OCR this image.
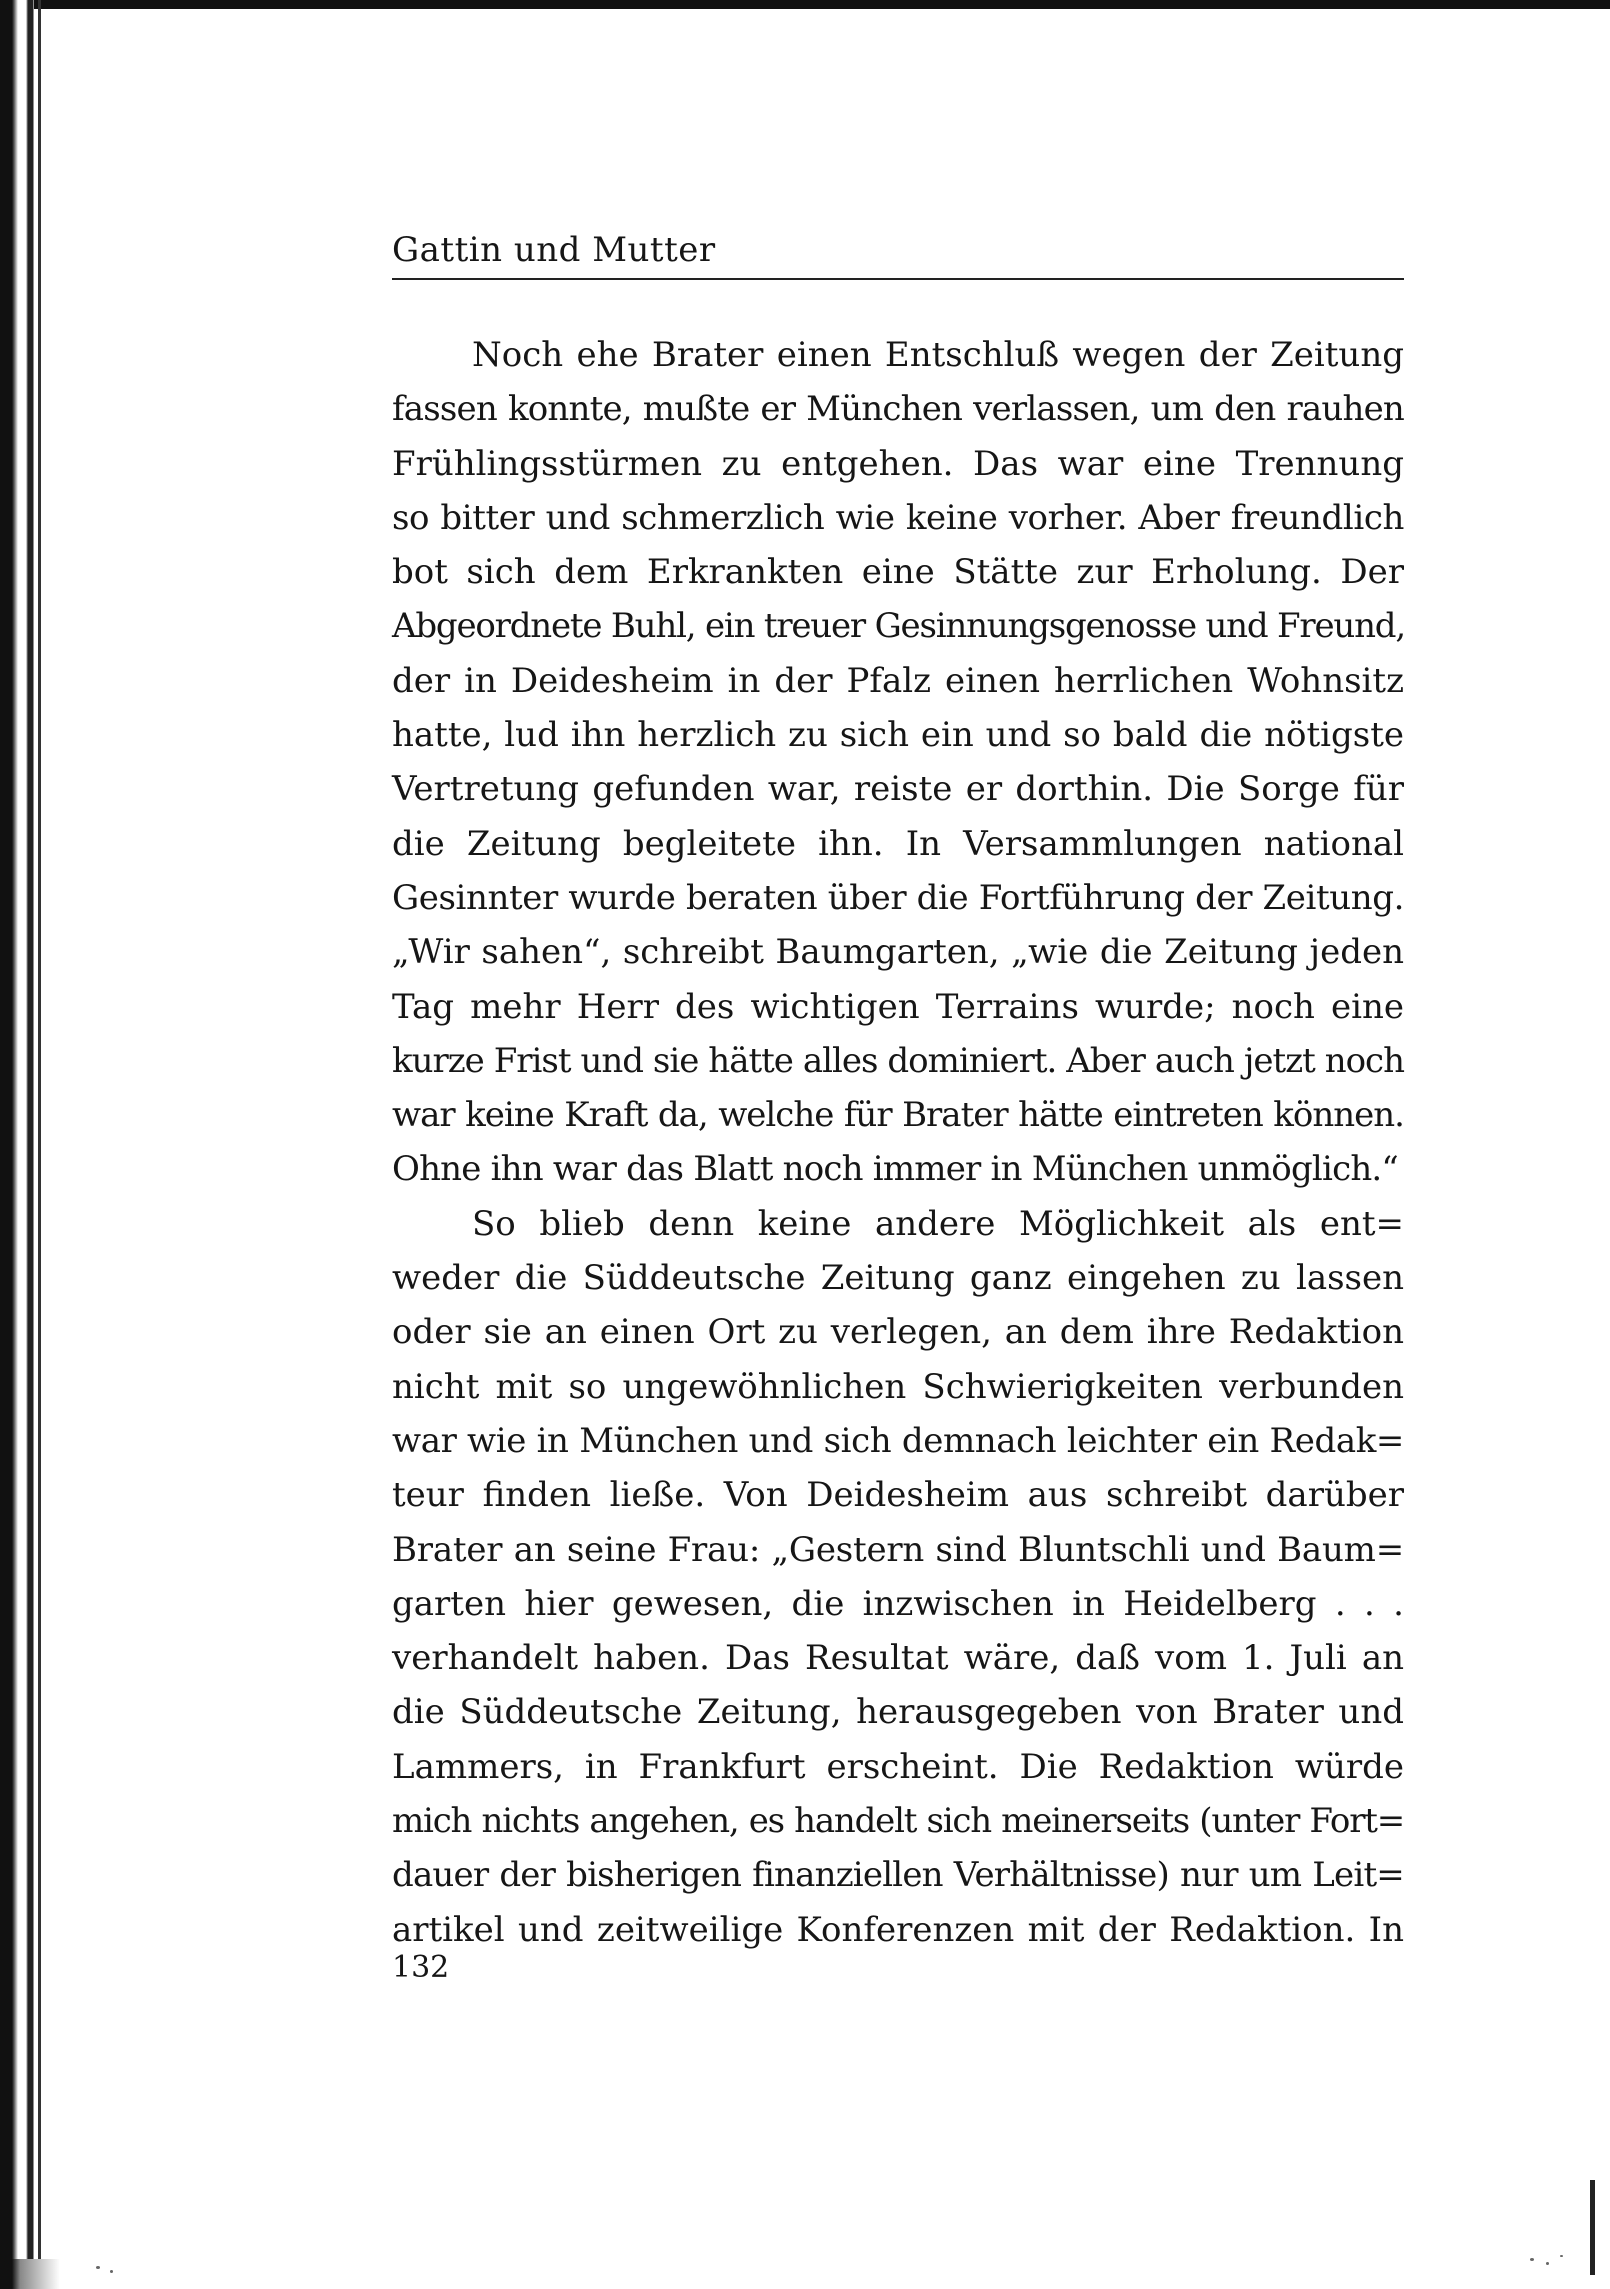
Gattin und Mutter
Noch ehe Brater einen Entschluß wegen der Zeitung
fassen konnte, mußte er München verlassen, um den rauhen
Frühlingsstürmen zu entgehen. Das war eine Trennung
so bitter und schmerzlich wie keine vorher. Aber freundlich
bot sich dem Erkrankten eine Stätte zur Erholung. Der
Abgeordnete Buhl, ein treuer Gesinnungsgenosse und Freund,
der in Deidesheim in der Pfalz einen herrlichen Wohnsitz
hatte, lud ihn herzlich zu sich ein und so bald die nötigste
Vertretung gefunden war, reiste er dorthin. Die Sorge für
die Zeitung begleitete ihn. In Versammlungen national
Gesinnter wurde beraten über die Fortführung der Zeitung.
„Wir sahen“, schreibt Baumgarten, „wie die Zeitung jeden
Tag mehr Herr des wichtigen Terrains wurde; noch eine
kurze Frist und sie hätte alles dominiert. Aber auch jetzt noch
war keine Kraft da, welche für Brater hätte eintreten können.
Ohne ihn war das Blatt noch immer in München unmöglich.“
So blieb denn keine andere Möglichkeit als ent=
weder die Süddeutsche Zeitung ganz eingehen zu lassen
oder sie an einen Ort zu verlegen, an dem ihre Redaktion
nicht mit so ungewöhnlichen Schwierigkeiten verbunden
war wie in München und sich demnach leichter ein Redak=
teur finden ließe. Von Deidesheim aus schreibt darüber
Brater an seine Frau: „Gestern sind Bluntschli und Baum=
garten hier gewesen, die inzwischen in Heidelberg . . .
verhandelt haben. Das Resultat wäre, daß vom 1. Juli an
die Süddeutsche Zeitung, herausgegeben von Brater und
Lammers, in Frankfurt erscheint. Die Redaktion würde
mich nichts angehen, es handelt sich meinerseits (unter Fort=
dauer der bisherigen finanziellen Verhältnisse) nur um Leit=
artikel und zeitweilige Konferenzen mit der Redaktion. In
132
